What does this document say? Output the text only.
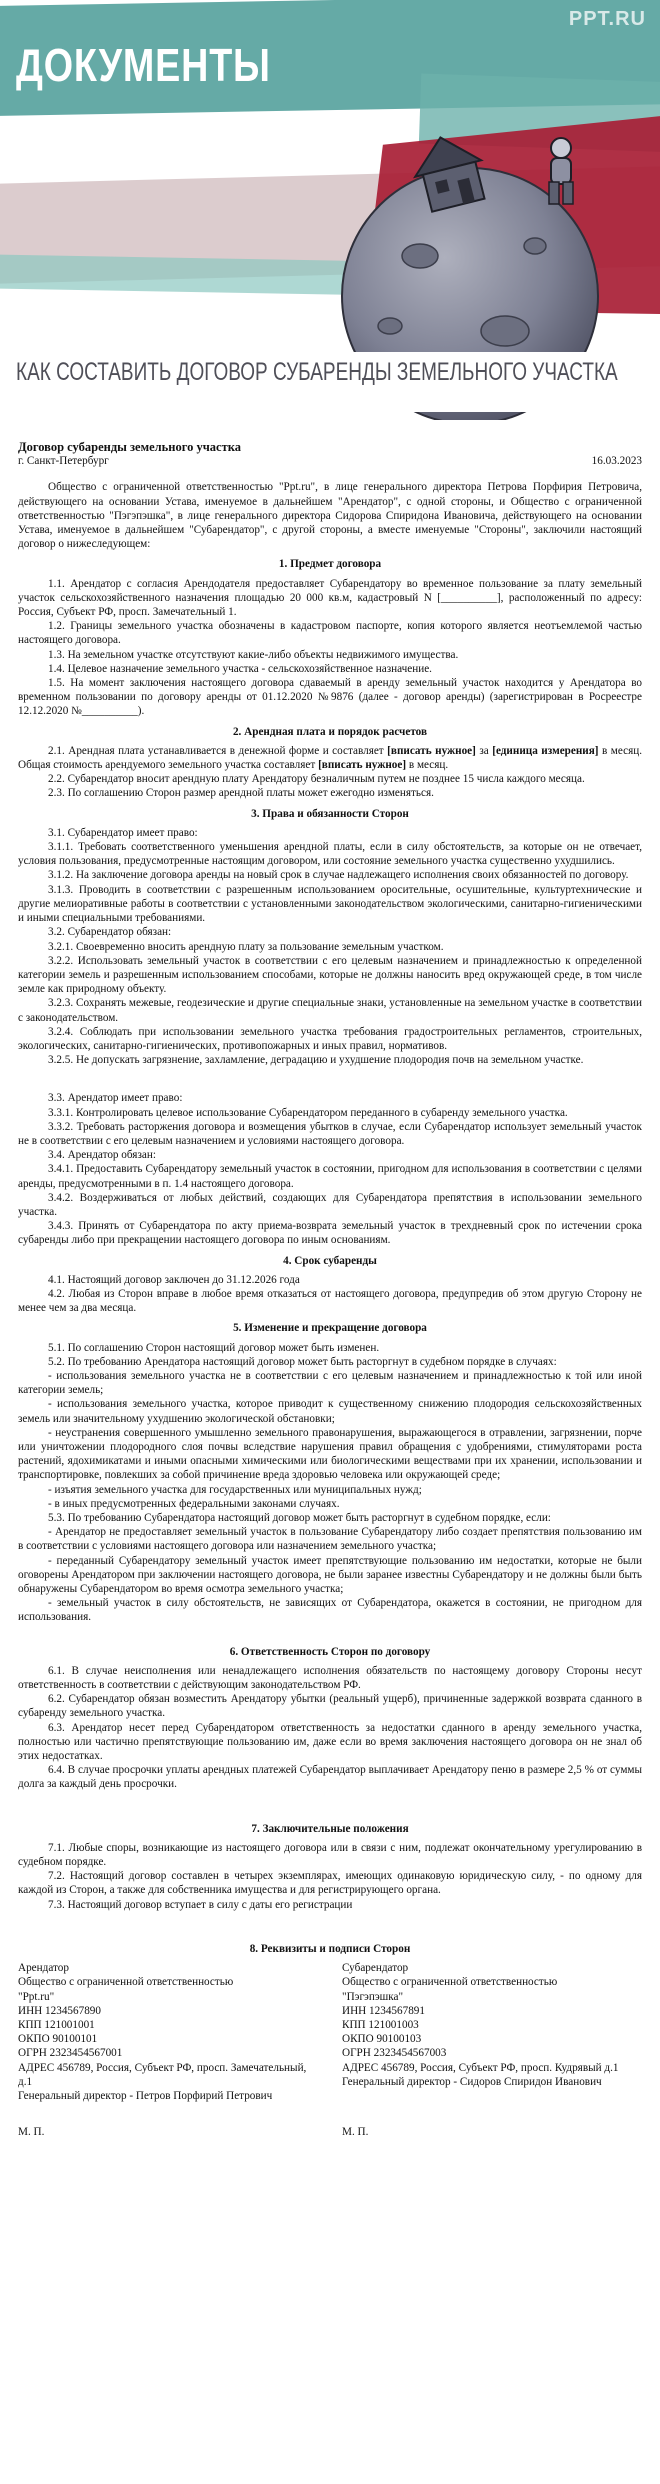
PPT.RU
ДОКУМЕНТЫ
КАК СОСТАВИТЬ ДОГОВОР СУБАРЕНДЫ ЗЕМЕЛЬНОГО УЧАСТКА

Договор субаренды земельного участка

г. Санкт-Петербург	16.03.2023

Общество с ограниченной ответственностью "Ppt.ru", в лице генерального директора Петрова Порфирия Петровича, действующего на основании Устава, именуемое в дальнейшем "Арендатор", с одной стороны, и Общество с ограниченной ответственностью "Пэгэпэшка", в лице генерального директора Сидорова Спиридона Ивановича, действующего на основании Устава, именуемое в дальнейшем "Субарендатор", с другой стороны, а вместе именуемые "Стороны", заключили настоящий договор о нижеследующем:

1. Предмет договора

1.1. Арендатор с согласия Арендодателя предоставляет Субарендатору во временное пользование за плату земельный участок сельскохозяйственного назначения площадью 20 000 кв.м, кадастровый N [__________], расположенный по адресу: Россия, Субъект РФ, просп. Замечательный 1.

1.2. Границы земельного участка обозначены в кадастровом паспорте, копия которого является неотъемлемой частью настоящего договора.

1.3. На земельном участке отсутствуют какие-либо объекты недвижимого имущества.

1.4. Целевое назначение земельного участка - сельскохозяйственное назначение.

1.5. На момент заключения настоящего договора сдаваемый в аренду земельный участок находится у Арендатора во временном пользовании по договору аренды от 01.12.2020 №9876 (далее - договор аренды) (зарегистрирован в Росреестре 12.12.2020 №__________).

2. Арендная плата и порядок расчетов

2.1. Арендная плата устанавливается в денежной форме и составляет [вписать нужное] за [единица измерения] в месяц. Общая стоимость арендуемого земельного участка составляет [вписать нужное] в месяц.

2.2. Субарендатор вносит арендную плату Арендатору безналичным путем не позднее 15 числа каждого месяца.

2.3. По соглашению Сторон размер арендной платы может ежегодно изменяться.

3. Права и обязанности Сторон

3.1. Субарендатор имеет право:

3.1.1. Требовать соответственного уменьшения арендной платы, если в силу обстоятельств, за которые он не отвечает, условия пользования, предусмотренные настоящим договором, или состояние земельного участка существенно ухудшились.

3.1.2. На заключение договора аренды на новый срок в случае надлежащего исполнения своих обязанностей по договору.

3.1.3. Проводить в соответствии с разрешенным использованием оросительные, осушительные, культуртехнические и другие мелиоративные работы в соответствии с установленными законодательством экологическими, санитарно-гигиеническими и иными специальными требованиями.

3.2. Субарендатор обязан:

3.2.1. Своевременно вносить арендную плату за пользование земельным участком.

3.2.2. Использовать земельный участок в соответствии с его целевым назначением и принадлежностью к определенной категории земель и разрешенным использованием способами, которые не должны наносить вред окружающей среде, в том числе земле как природному объекту.

3.2.3. Сохранять межевые, геодезические и другие специальные знаки, установленные на земельном участке в соответствии с законодательством.

3.2.4. Соблюдать при использовании земельного участка требования градостроительных регламентов, строительных, экологических, санитарно-гигиенических, противопожарных и иных правил, нормативов.

3.2.5. Не допускать загрязнение, захламление, деградацию и ухудшение плодородия почв на земельном участке.

3.3. Арендатор имеет право:

3.3.1. Контролировать целевое использование Субарендатором переданного в субаренду земельного участка.

3.3.2. Требовать расторжения договора и возмещения убытков в случае, если Субарендатор использует земельный участок не в соответствии с его целевым назначением и условиями настоящего договора.

3.4. Арендатор обязан:

3.4.1. Предоставить Субарендатору земельный участок в состоянии, пригодном для использования в соответствии с целями аренды, предусмотренными в п. 1.4 настоящего договора.

3.4.2. Воздерживаться от любых действий, создающих для Субарендатора препятствия в использовании земельного участка.

3.4.3. Принять от Субарендатора по акту приема-возврата земельный участок в трехдневный срок по истечении срока субаренды либо при прекращении настоящего договора по иным основаниям.

4. Срок субаренды

4.1. Настоящий договор заключен до 31.12.2026 года

4.2. Любая из Сторон вправе в любое время отказаться от настоящего договора, предупредив об этом другую Сторону не менее чем за два месяца.

5. Изменение и прекращение договора

5.1. По соглашению Сторон настоящий договор может быть изменен.

5.2. По требованию Арендатора настоящий договор может быть расторгнут в судебном порядке в случаях:

- использования земельного участка не в соответствии с его целевым назначением и принадлежностью к той или иной категории земель;

- использования земельного участка, которое приводит к существенному снижению плодородия сельскохозяйственных земель или значительному ухудшению экологической обстановки;

- неустранения совершенного умышленно земельного правонарушения, выражающегося в отравлении, загрязнении, порче или уничтожении плодородного слоя почвы вследствие нарушения правил обращения с удобрениями, стимуляторами роста растений, ядохимикатами и иными опасными химическими или биологическими веществами при их хранении, использовании и транспортировке, повлекших за собой причинение вреда здоровью человека или окружающей среде;

- изъятия земельного участка для государственных или муниципальных нужд;

- в иных предусмотренных федеральными законами случаях.

5.3. По требованию Субарендатора настоящий договор может быть расторгнут в судебном порядке, если:

- Арендатор не предоставляет земельный участок в пользование Субарендатору либо создает препятствия пользованию им в соответствии с условиями настоящего договора или назначением земельного участка;

- переданный Субарендатору земельный участок имеет препятствующие пользованию им недостатки, которые не были оговорены Арендатором при заключении настоящего договора, не были заранее известны Субарендатору и не должны были быть обнаружены Субарендатором во время осмотра земельного участка;

- земельный участок в силу обстоятельств, не зависящих от Субарендатора, окажется в состоянии, не пригодном для использования.

6. Ответственность Сторон по договору

6.1. В случае неисполнения или ненадлежащего исполнения обязательств по настоящему договору Стороны несут ответственность в соответствии с действующим законодательством РФ.

6.2. Субарендатор обязан возместить Арендатору убытки (реальный ущерб), причиненные задержкой возврата сданного в субаренду земельного участка.

6.3. Арендатор несет перед Субарендатором ответственность за недостатки сданного в аренду земельного участка, полностью или частично препятствующие пользованию им, даже если во время заключения настоящего договора он не знал об этих недостатках.

6.4. В случае просрочки уплаты арендных платежей Субарендатор выплачивает Арендатору пеню в размере 2,5 % от суммы долга за каждый день просрочки.

7. Заключительные положения

7.1. Любые споры, возникающие из настоящего договора или в связи с ним, подлежат окончательному урегулированию в судебном порядке.

7.2. Настоящий договор составлен в четырех экземплярах, имеющих одинаковую юридическую силу, - по одному для каждой из Сторон, а также для собственника имущества и для регистрирующего органа.

7.3. Настоящий договор вступает в силу с даты его регистрации

8. Реквизиты и подписи Сторон

Арендатор

Общество с ограниченной ответственностью

"Ppt.ru"

ИНН 1234567890

КПП 121001001

ОКПО 90100101

ОГРН 2323454567001

АДРЕС 456789, Россия, Субъект РФ, просп. Замечательный, д.1

Генеральный директор - Петров Порфирий Петрович

Субарендатор

Общество с ограниченной ответственностью

"Пэгэпэшка"

ИНН 1234567891

КПП 121001003

ОКПО 90100103

ОГРН 2323454567003

АДРЕС 456789, Россия, Субъект РФ, просп. Кудрявый д.1

Генеральный директор - Сидоров Спиридон Иванович

М. П.	М. П.
